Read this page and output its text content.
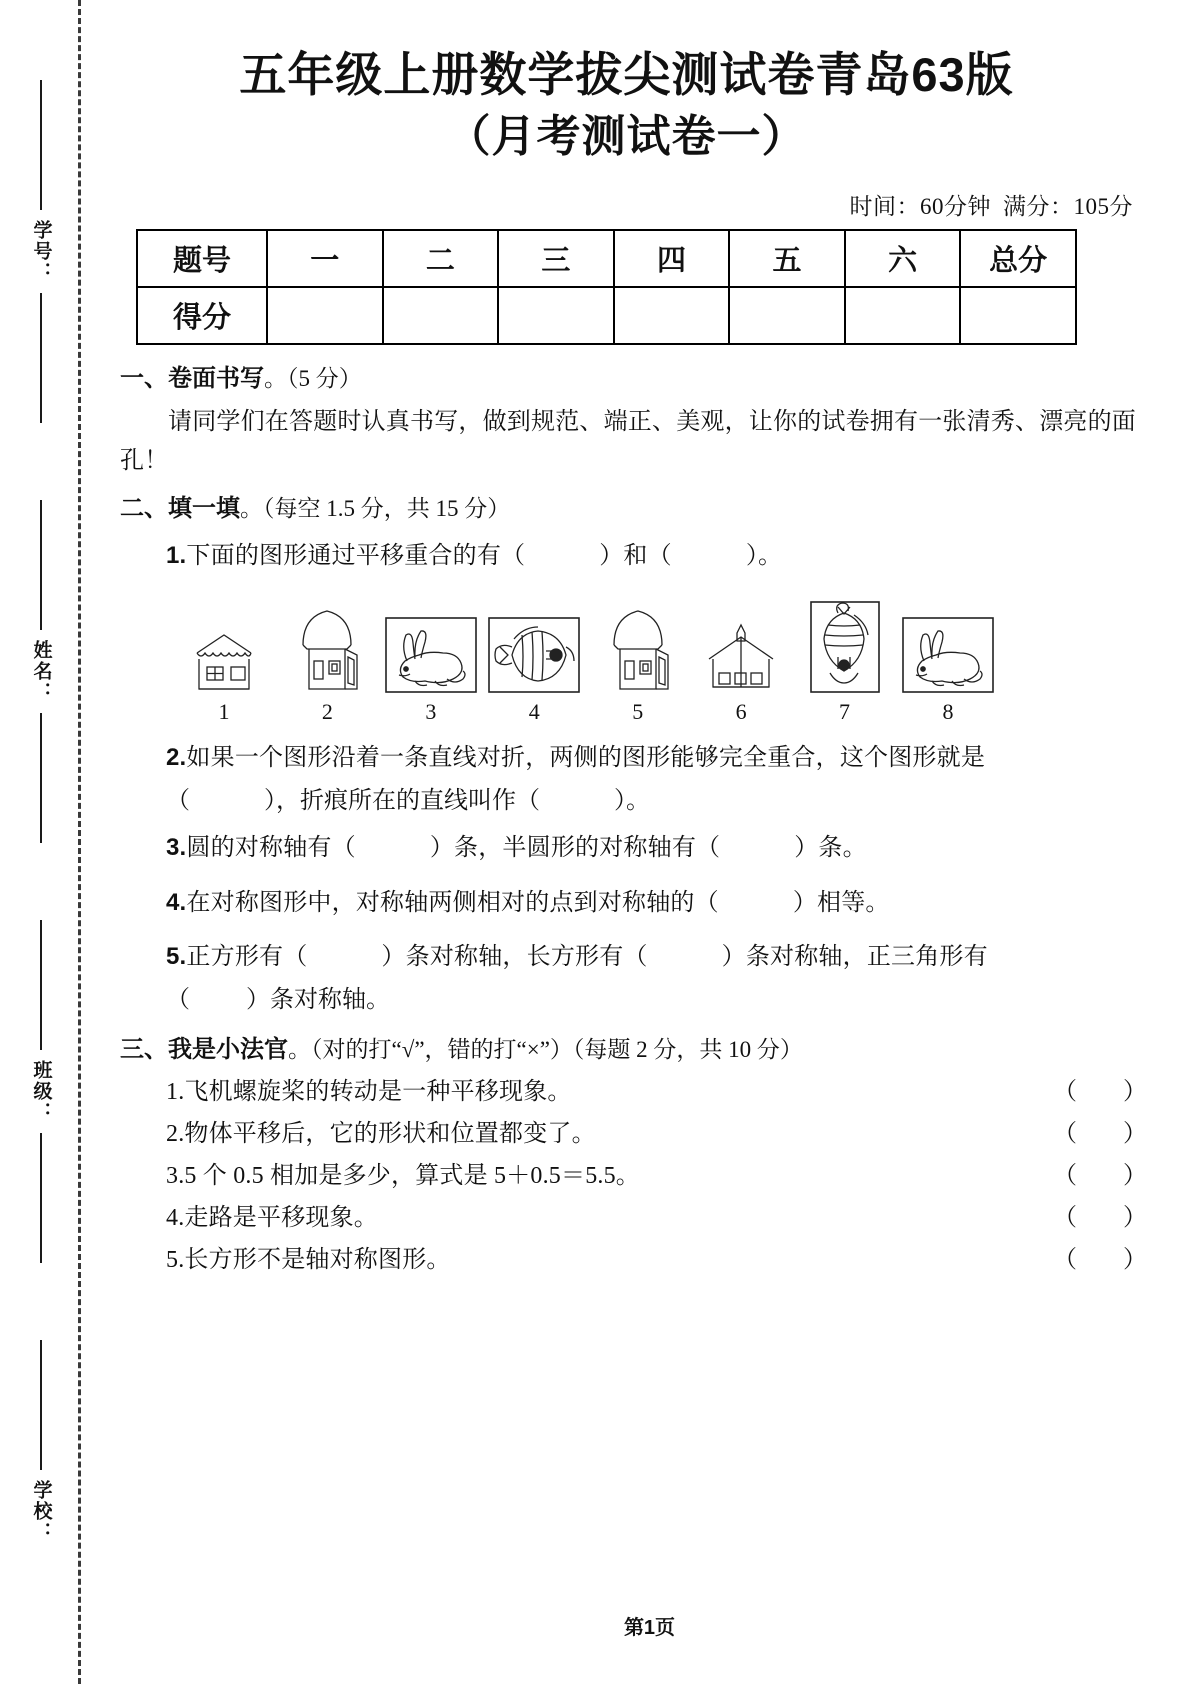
学号：
姓名：
班级：
学校：
五年级上册数学拔尖测试卷青岛63版
（月考测试卷一）
时间：60分钟 满分：105分
题号	一	二	三	四	五	六	总分
得分							
一、卷面书写。（5 分）

请同学们在答题时认真书写，做到规范、端正、美观，让你的试卷拥有一张清秀、漂亮的面孔！

二、填一填。（每空 1.5 分，共 15 分）
1.下面的图形通过平移重合的有（	）和（	）。
1	2	3	4	5	6	7	8
2.如果一个图形沿着一条直线对折，两侧的图形能够完全重合，这个图形就是
（	），折痕所在的直线叫作（	）。
3.圆的对称轴有（	）条，半圆形的对称轴有（	）条。
4.在对称图形中，对称轴两侧相对的点到对称轴的（	）相等。
5.正方形有（	）条对称轴，长方形有（	）条对称轴，正三角形有
（ ）条对称轴。
三、我是小法官。（对的打“√”，错的打“×”）（每题 2 分，共 10 分）
1.飞机螺旋桨的转动是一种平移现象。	（ ）
2.物体平移后，它的形状和位置都变了。	（ ）
3.5 个 0.5 相加是多少，算式是 5＋0.5＝5.5。	（ ）
4.走路是平移现象。	（ ）
5.长方形不是轴对称图形。	（ ）
第1页
